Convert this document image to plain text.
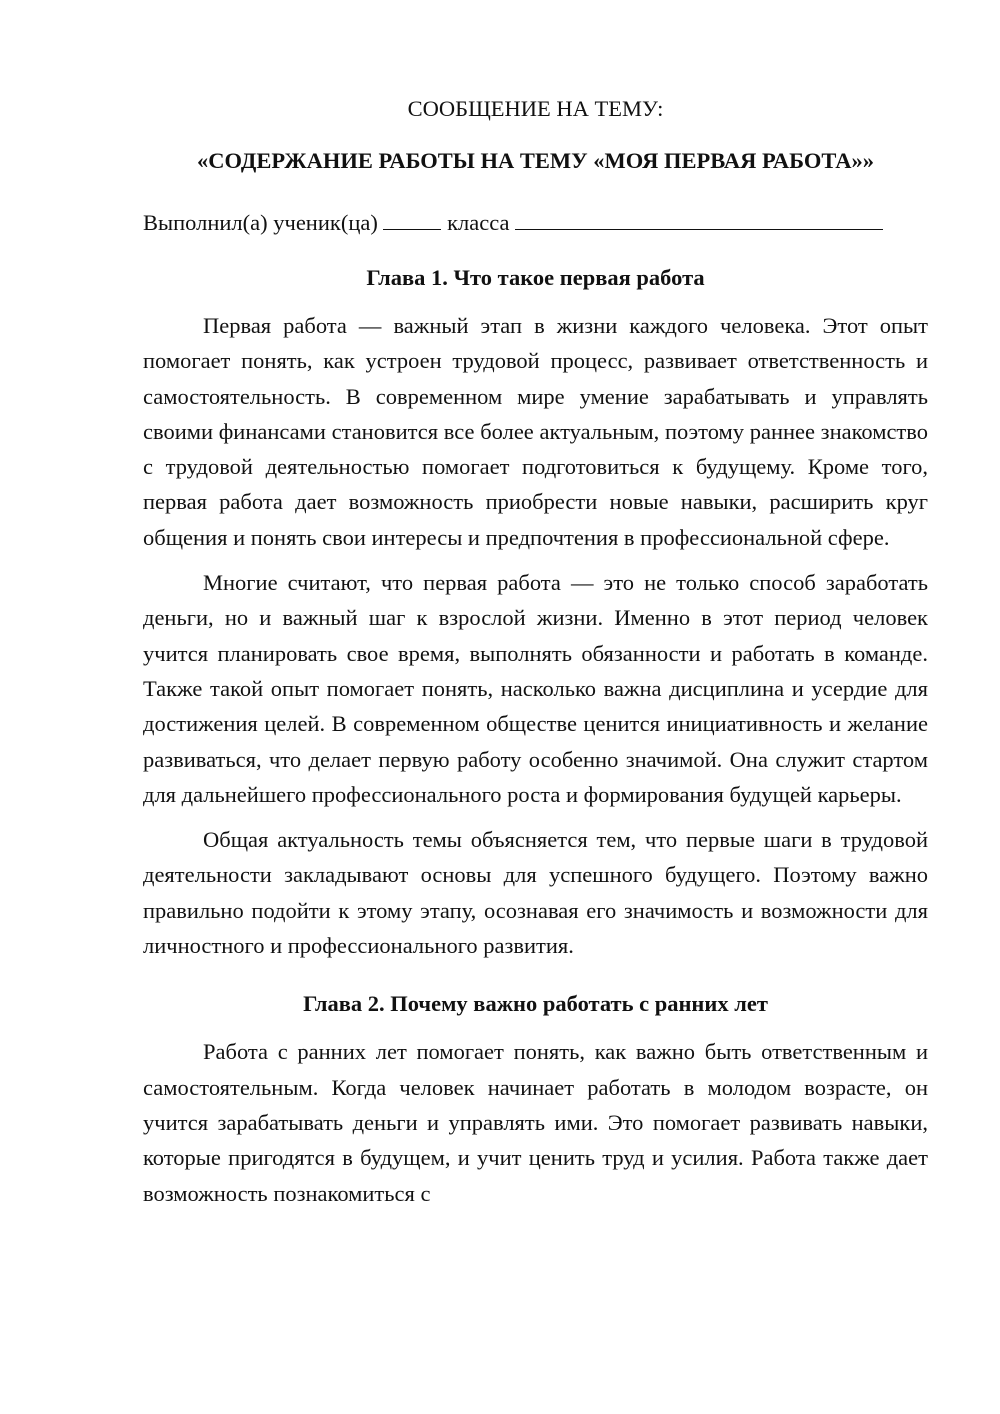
СООБЩЕНИЕ НА ТЕМУ:
«СОДЕРЖАНИЕ РАБОТЫ НА ТЕМУ «МОЯ ПЕРВАЯ РАБОТА»»
Выполнил(а) ученик(ца)	класса
Глава 1. Что такое первая работа

Первая работа — важный этап в жизни каждого человека. Этот опыт помогает понять, как устроен трудовой процесс, развивает ответственность и самостоятельность. В современном мире умение зарабатывать и управлять своими финансами становится все более актуальным, поэтому раннее знакомство с трудовой деятельностью помогает подготовиться к будущему. Кроме того, первая работа дает возможность приобрести новые навыки, расширить круг общения и понять свои интересы и предпочтения в профессиональной сфере.

Многие считают, что первая работа — это не только способ заработать деньги, но и важный шаг к взрослой жизни. Именно в этот период человек учится планировать свое время, выполнять обязанности и работать в команде. Также такой опыт помогает понять, насколько важна дисциплина и усердие для достижения целей. В современном обществе ценится инициативность и желание развиваться, что делает первую работу особенно значимой. Она служит стартом для дальнейшего профессионального роста и формирования будущей карьеры.

Общая актуальность темы объясняется тем, что первые шаги в трудовой деятельности закладывают основы для успешного будущего. Поэтому важно правильно подойти к этому этапу, осознавая его значимость и возможности для личностного и профессионального развития.

Глава 2. Почему важно работать с ранних лет

Работа с ранних лет помогает понять, как важно быть ответственным и самостоятельным. Когда человек начинает работать в молодом возрасте, он учится зарабатывать деньги и управлять ими. Это помогает развивать навыки, которые пригодятся в будущем, и учит ценить труд и усилия. Работа также дает возможность познакомиться с
